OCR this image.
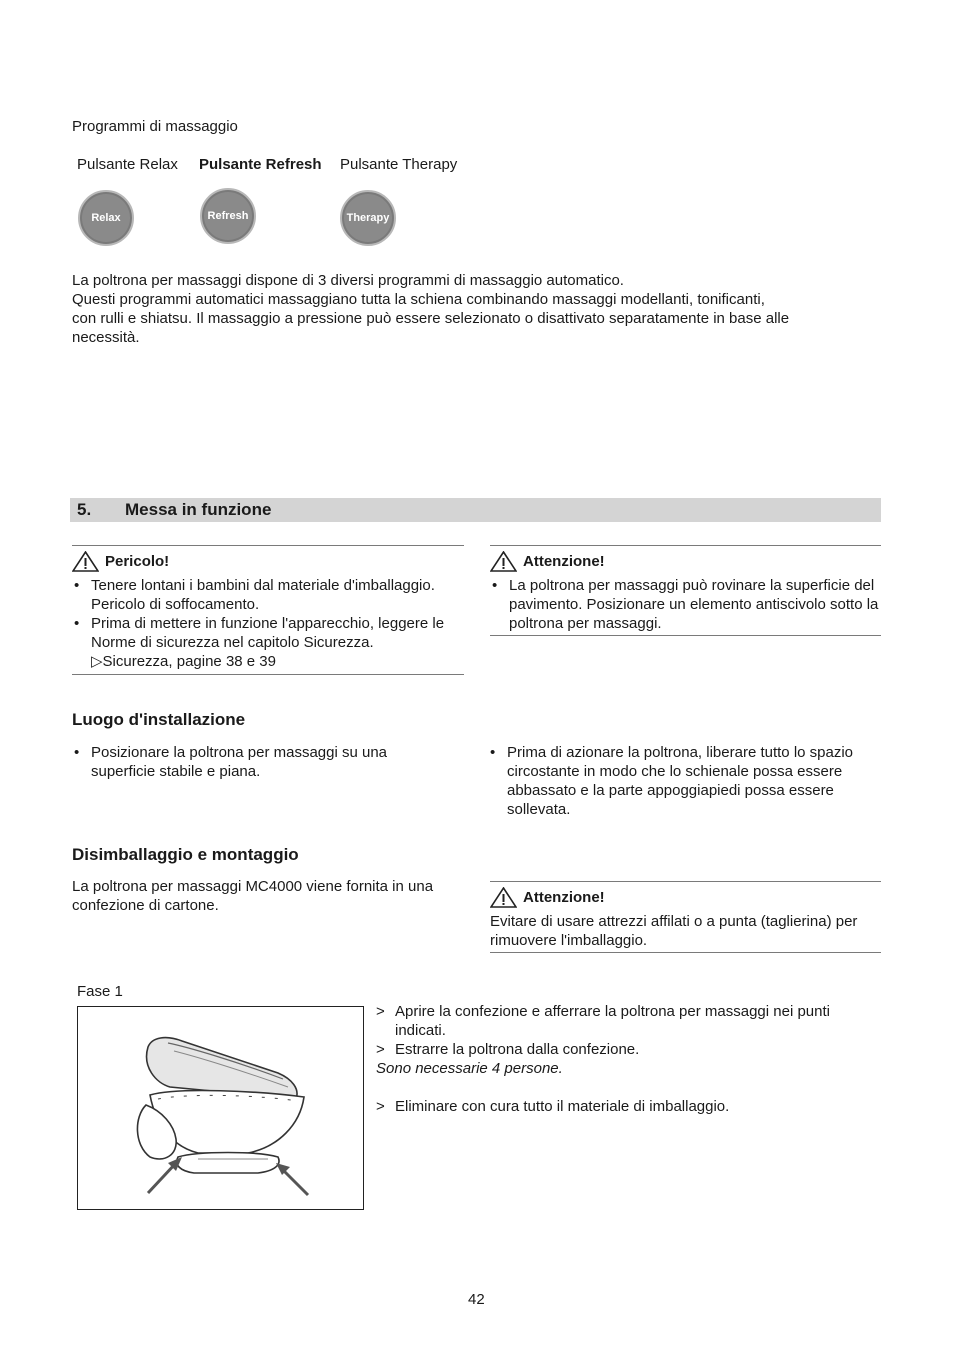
Programmi di massaggio
Pulsante Relax Pulsante Refresh Pulsante Therapy
Relax	Refresh	Therapy
La poltrona per massaggi dispone di 3 diversi programmi di massaggio automatico.
Questi programmi automatici massaggiano tutta la schiena combinando massaggi modellanti, tonificanti,
con rulli e shiatsu. Il massaggio a pressione può essere selezionato o disattivato separatamente in base alle
necessità.
5. Messa in funzione
Pericolo!
• Tenere lontani i bambini dal materiale d'imballaggio. Pericolo di soffocamento.
• Prima di mettere in funzione l'apparecchio, leggere le Norme di sicurezza nel capitolo Sicurezza.
▷Sicurezza, pagine 38 e 39
Attenzione!
• La poltrona per massaggi può rovinare la superficie del pavimento. Posizionare un elemento antiscivolo sotto la poltrona per massaggi.
Luogo d'installazione
• Posizionare la poltrona per massaggi su una superficie stabile e piana.
• Prima di azionare la poltrona, liberare tutto lo spazio circostante in modo che lo schienale possa essere abbassato e la parte appoggiapiedi possa essere sollevata.
Disimballaggio e montaggio
La poltrona per massaggi MC4000 viene fornita in una confezione di cartone.	Attenzione!
Evitare di usare attrezzi affilati o a punta (taglierina) per rimuovere l'imballaggio.
Fase 1
> Aprire la confezione e afferrare la poltrona per massaggi nei punti indicati.
> Estrarre la poltrona dalla confezione.
Sono necessarie 4 persone.
> Eliminare con cura tutto il materiale di imballaggio.
42
